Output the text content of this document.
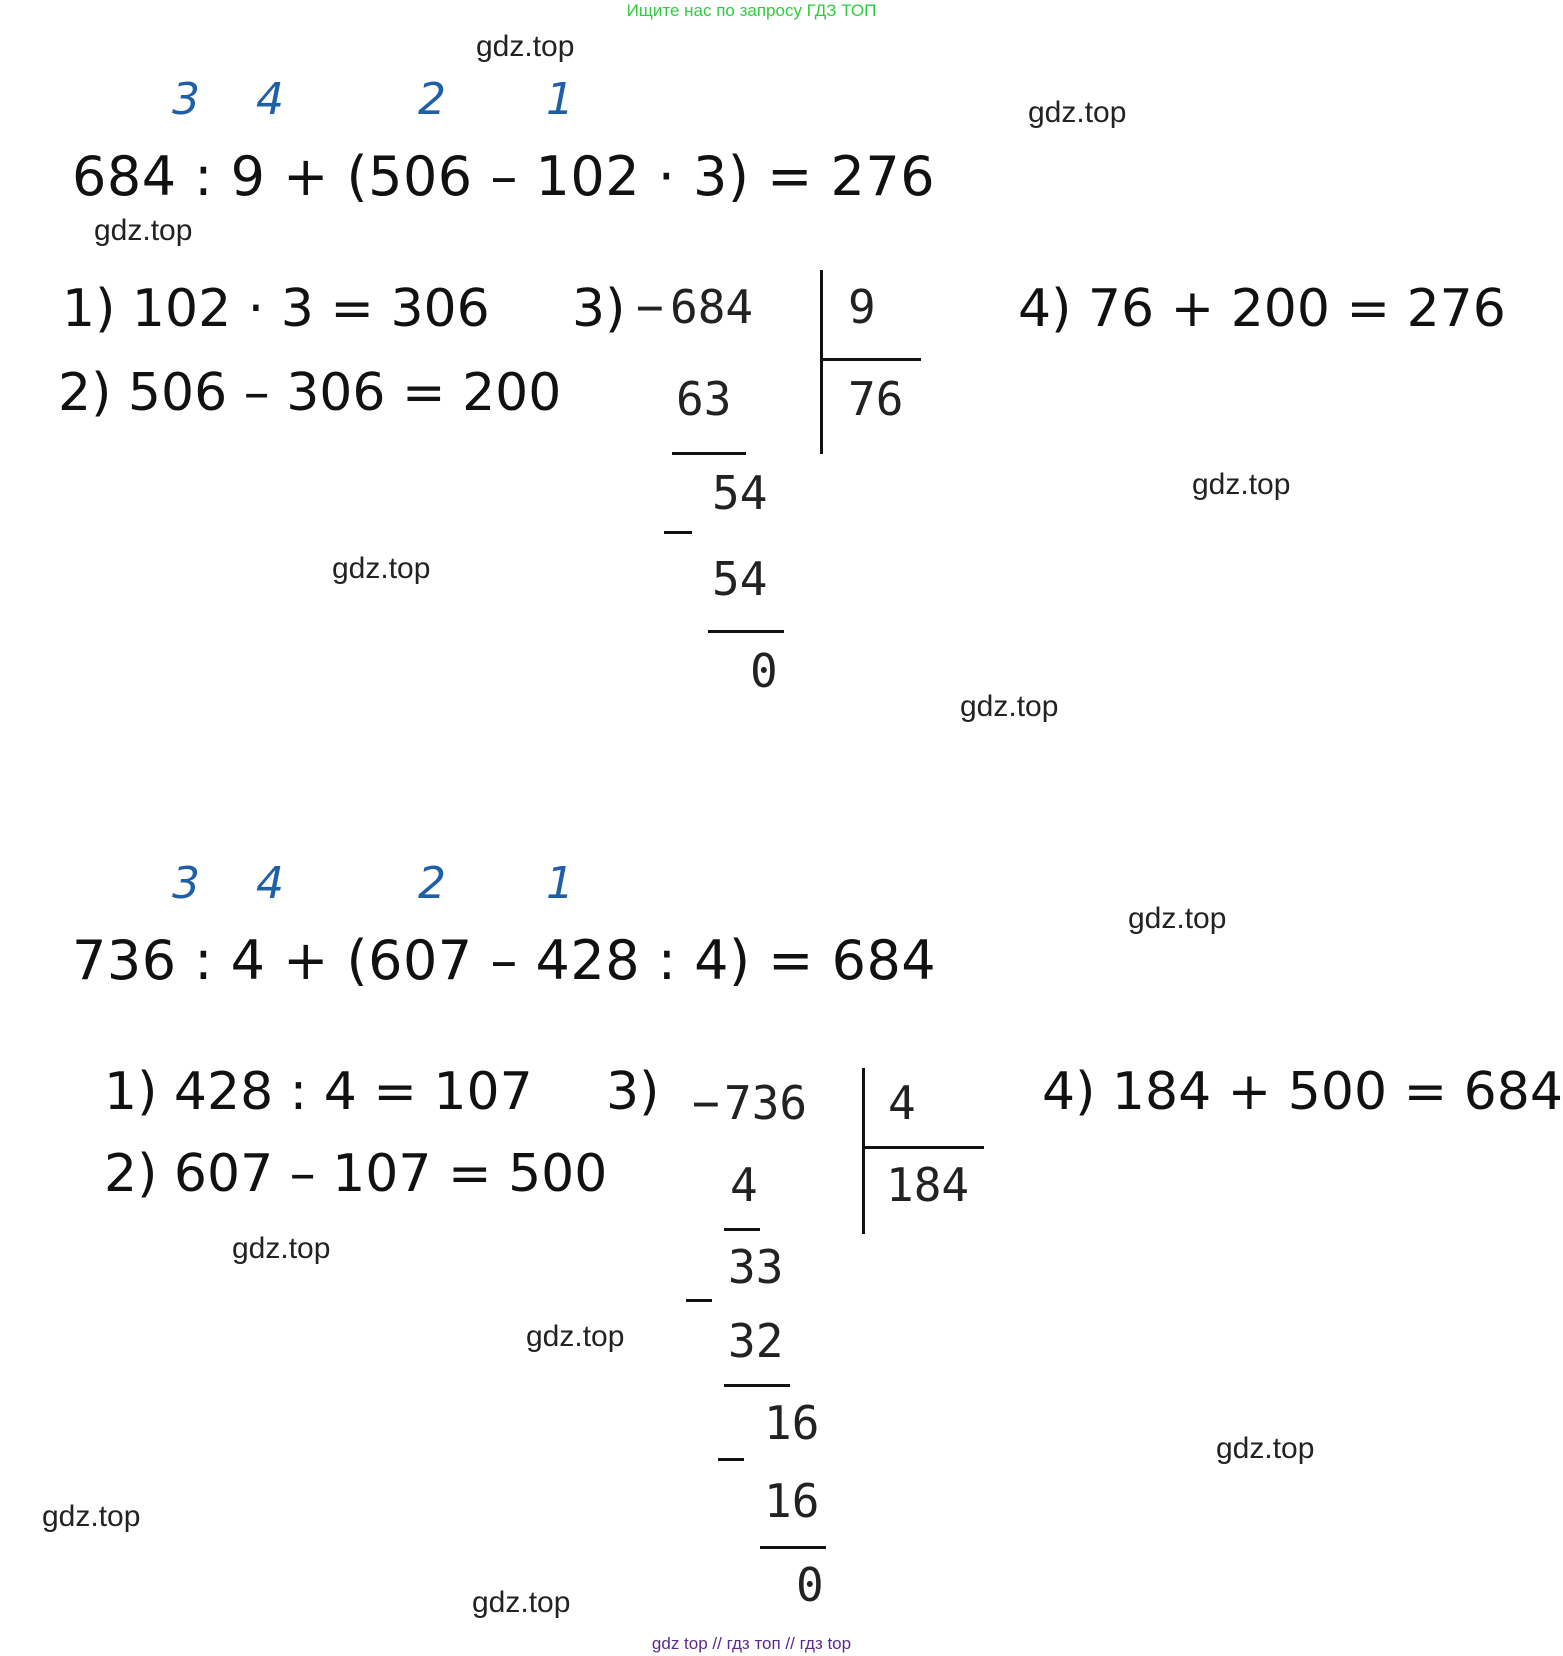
Ищите нас по запросу ГДЗ ТОП
3 4	2 1
684 : 9 + (506 – 102 · 3) = 276
1) 102 · 3 = 306
2) 506 – 306 = 200
3)	4) 76 + 200 = 276
− 684 9
76
63
54
54
0
3 4	2 1
736 : 4 + (607 – 428 : 4) = 684
1) 428 : 4 = 107
2) 607 – 107 = 500
3)	4) 184 + 500 = 684
− 736 4
184
4
33
32
16
16
0
gdz.top
gdz.top
gdz.top
gdz.top
gdz.top
gdz.top
gdz.top
gdz.top
gdz.top
gdz.top
gdz.top
gdz.top
gdz top // гдз топ // гдз top
